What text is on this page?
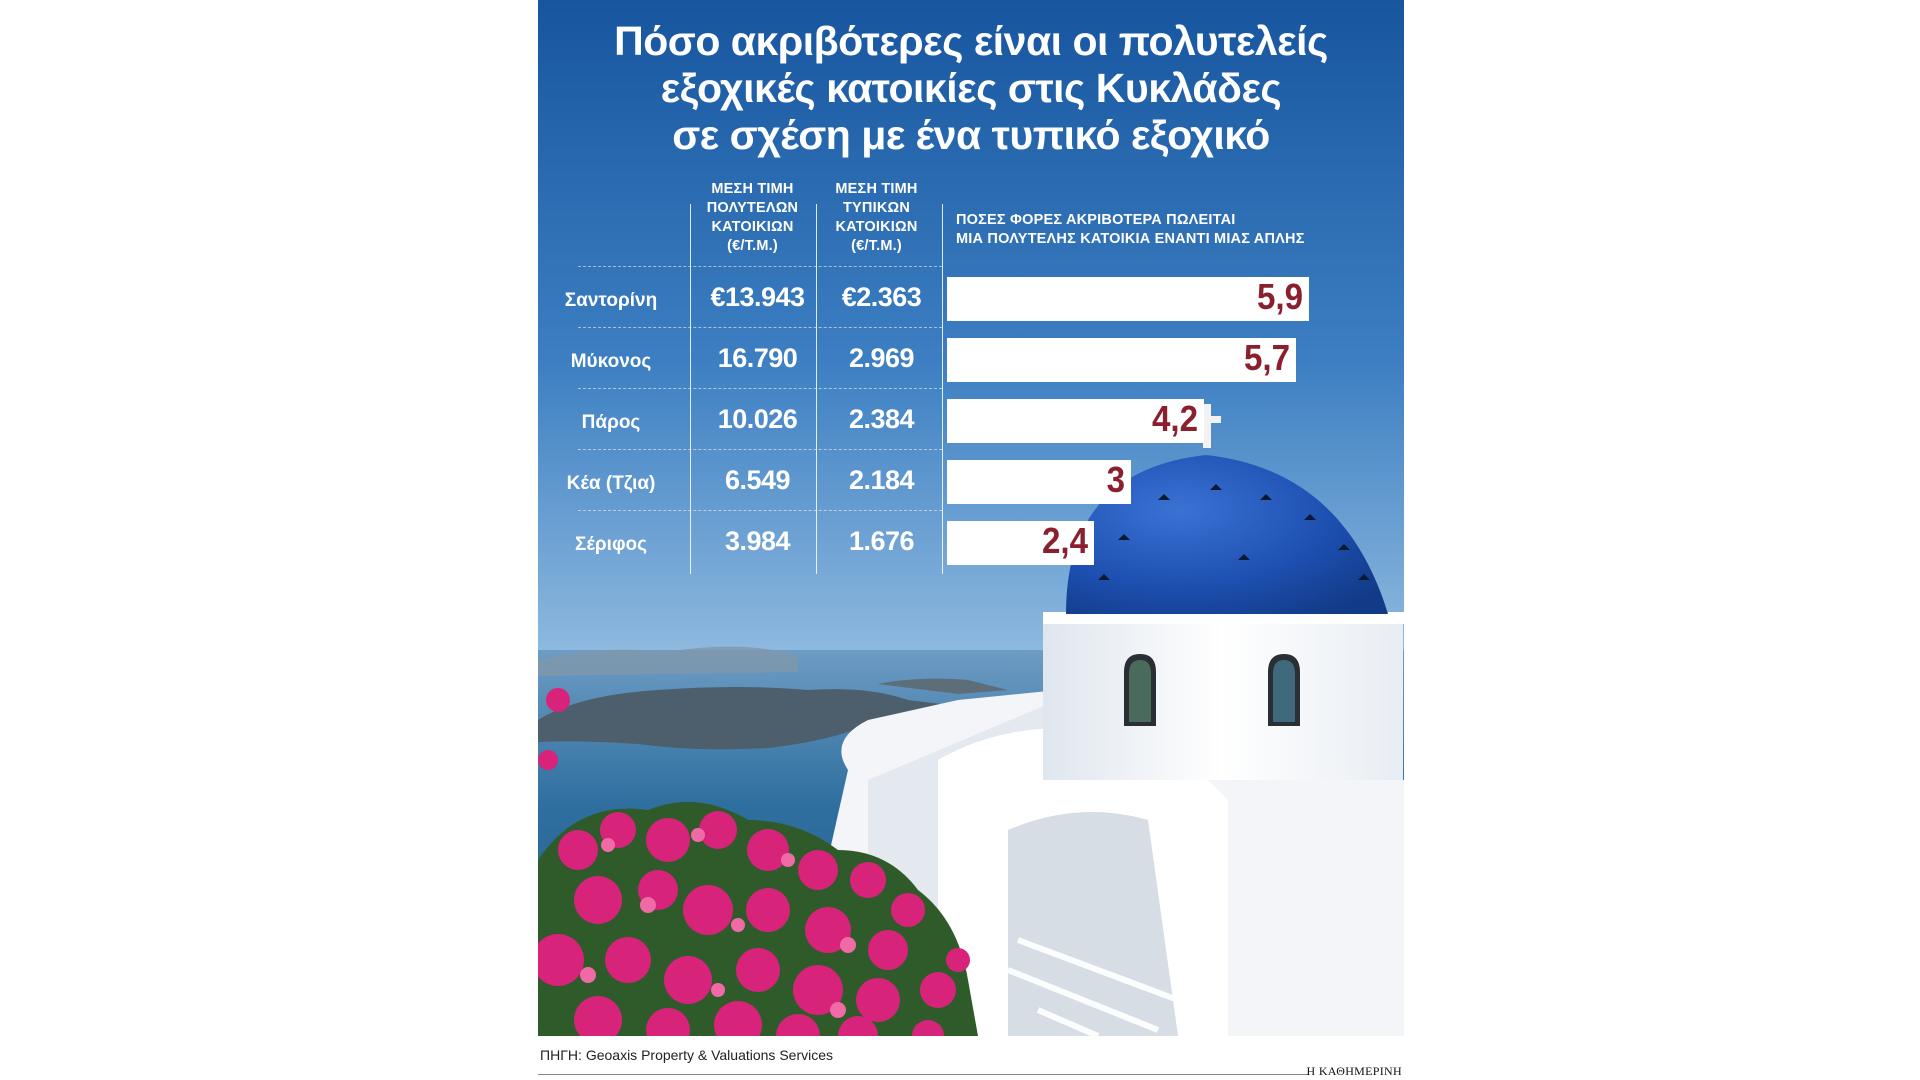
Πόσο ακριβότερες είναι οι πολυτελείς
εξοχικές κατοικίες στις Κυκλάδες
σε σχέση με ένα τυπικό εξοχικό
ΜΕΣΗ ΤΙΜΗ
ΠΟΛΥΤΕΛΩΝ
ΚΑΤΟΙΚΙΩΝ
(€/Τ.Μ.)
ΜΕΣΗ ΤΙΜΗ
ΤΥΠΙΚΩΝ
ΚΑΤΟΙΚΙΩΝ
(€/Τ.Μ.)
ΠΟΣΕΣ ΦΟΡΕΣ ΑΚΡΙΒΟΤΕΡΑ ΠΩΛΕΙΤΑΙ
ΜΙΑ ΠΟΛΥΤΕΛΗΣ ΚΑΤΟΙΚΙΑ ΕΝΑΝΤΙ ΜΙΑΣ ΑΠΛΗΣ
Σαντορίνη	€13.943	€2.363	5,9
Μύκονος	16.790	2.969	5,7
Πάρος	10.026	2.384	4,2
Κέα (Τζια)	6.549	2.184	3
Σέριφος	3.984	1.676	2,4
ΠΗΓΗ: Geoaxis Property & Valuations Services
Η ΚΑΘΗΜΕΡΙΝΗ
